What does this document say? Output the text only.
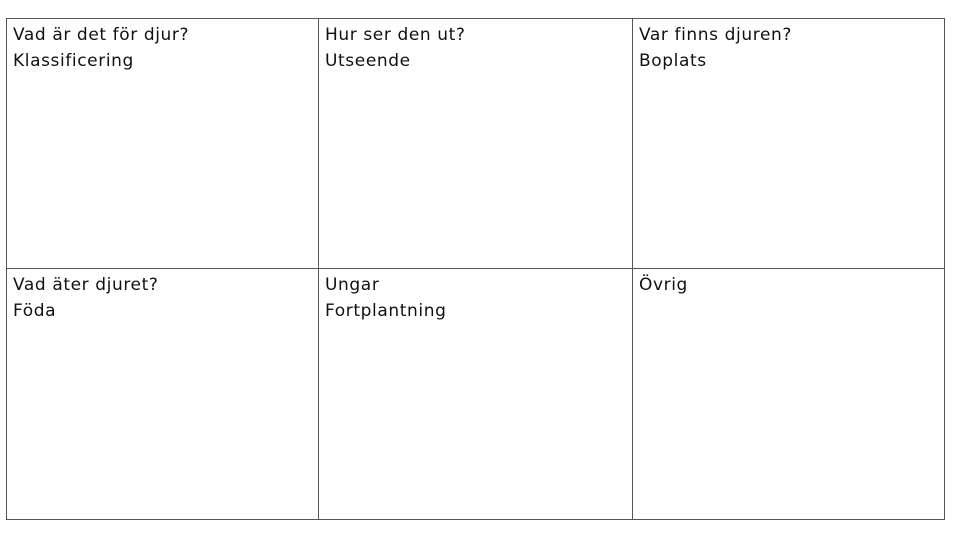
Vad är det för djur?
Klassificering
Hur ser den ut?
Utseende
Var finns djuren?
Boplats
Vad äter djuret?
Föda
Ungar
Fortplantning
Övrig
